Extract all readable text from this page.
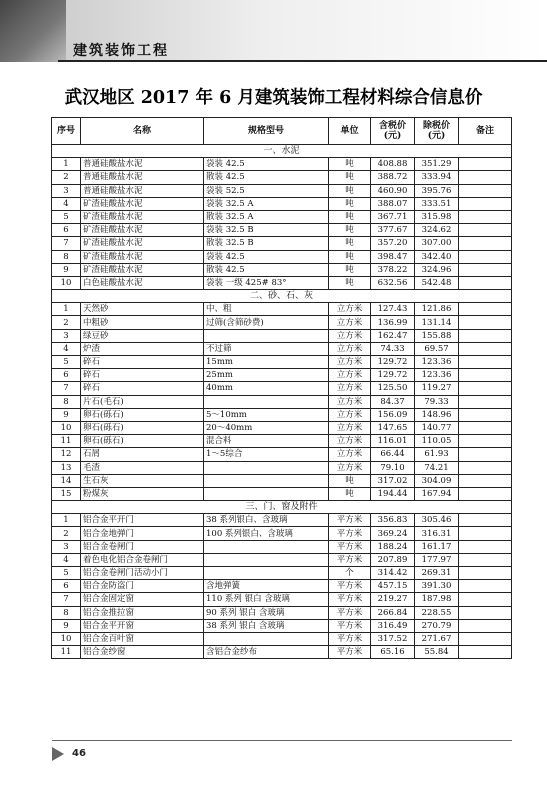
建筑装饰工程
武汉地区 2017 年 6 月建筑装饰工程材料综合信息价
序号	名称	规格型号	单位	含税价(元)	除税价(元)	备注
一、水泥						
1	普通硅酸盐水泥	袋装 42.5	吨	408.88	351.29	
2	普通硅酸盐水泥	散装 42.5	吨	388.72	333.94	
3	普通硅酸盐水泥	袋装 52.5	吨	460.90	395.76	
4	矿渣硅酸盐水泥	袋装 32.5 A	吨	388.07	333.51	
5	矿渣硅酸盐水泥	散装 32.5 A	吨	367.71	315.98	
6	矿渣硅酸盐水泥	袋装 32.5 B	吨	377.67	324.62	
7	矿渣硅酸盐水泥	散装 32.5 B	吨	357.20	307.00	
8	矿渣硅酸盐水泥	袋装 42.5	吨	398.47	342.40	
9	矿渣硅酸盐水泥	散装 42.5	吨	378.22	324.96	
10	白色硅酸盐水泥	袋装 一级 425# 83°	吨	632.56	542.48	
二、砂、石、灰						
1	天然砂	中、粗	立方米	127.43	121.86	
2	中粗砂	过筛(含筛砂费)	立方米	136.99	131.14	
3	绿豆砂		立方米	162.47	155.88	
4	炉渣	不过筛	立方米	74.33	69.57	
5	碎石	15mm	立方米	129.72	123.36	
6	碎石	25mm	立方米	129.72	123.36	
7	碎石	40mm	立方米	125.50	119.27	
8	片石(毛石)		立方米	84.37	79.33	
9	卵石(砾石)	5～10mm	立方米	156.09	148.96	
10	卵石(砾石)	20～40mm	立方米	147.65	140.77	
11	卵石(砾石)	混合料	立方米	116.01	110.05	
12	石屑	1～5综合	立方米	66.44	61.93	
13	毛渣		立方米	79.10	74.21	
14	生石灰		吨	317.02	304.09	
15	粉煤灰		吨	194.44	167.94	
三、门、窗及附件						
1	铝合金平开门	38 系列银白、含玻璃	平方米	356.83	305.46	
2	铝合金地弹门	100 系列银白、含玻璃	平方米	369.24	316.31	
3	铝合金卷闸门		平方米	188.24	161.17	
4	着色电化铝合金卷闸门		平方米	207.89	177.97	
5	铝合金卷闸门活动小门		个	314.42	269.31	
6	铝合金防盗门	含地弹簧	平方米	457.15	391.30	
7	铝合金固定窗	110 系列 银白 含玻璃	平方米	219.27	187.98	
8	铝合金推拉窗	90 系列 银白 含玻璃	平方米	266.84	228.55	
9	铝合金平开窗	38 系列 银白 含玻璃	平方米	316.49	270.79	
10	铝合金百叶窗		平方米	317.52	271.67	
11	铝合金纱窗	含铝合金纱布	平方米	65.16	55.84	
46
